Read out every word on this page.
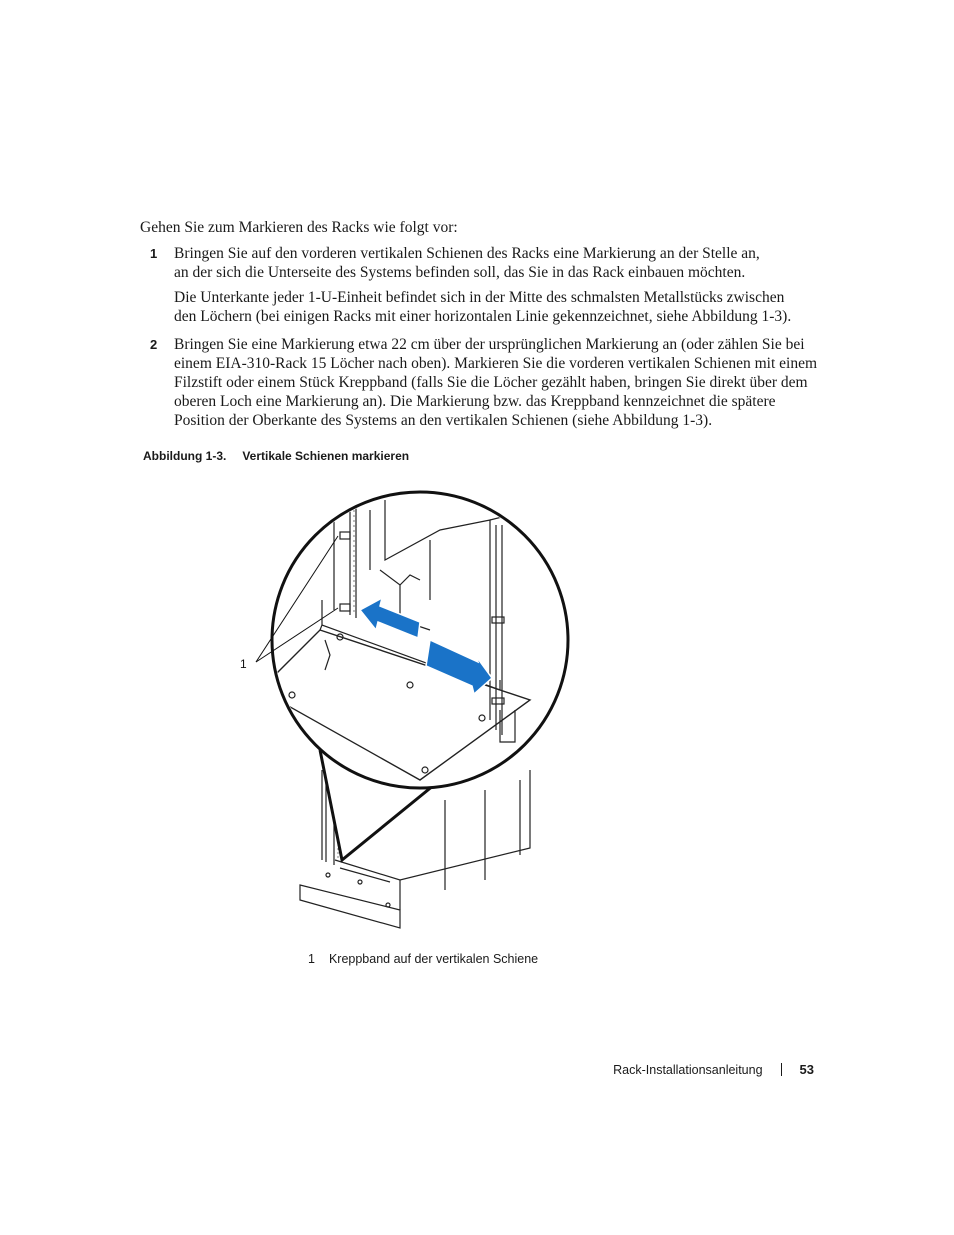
Gehen Sie zum Markieren des Racks wie folgt vor:
1 Bringen Sie auf den vorderen vertikalen Schienen des Racks eine Markierung an der Stelle an,

an der sich die Unterseite des Systems befinden soll, das Sie in das Rack einbauen möchten.

Die Unterkante jeder 1-U-Einheit befindet sich in der Mitte des schmalsten Metallstücks zwischen

den Löchern (bei einigen Racks mit einer horizontalen Linie gekennzeichnet, siehe Abbildung 1-3).

2 Bringen Sie eine Markierung etwa 22 cm über der ursprünglichen Markierung an (oder zählen Sie bei

einem EIA-310-Rack 15 Löcher nach oben). Markieren Sie die vorderen vertikalen Schienen mit einem

Filzstift oder einem Stück Kreppband (falls Sie die Löcher gezählt haben, bringen Sie direkt über dem

oberen Loch eine Markierung an). Die Markierung bzw. das Kreppband kennzeichnet die spätere

Position der Oberkante des Systems an den vertikalen Schienen (siehe Abbildung 1-3).

Abbildung 1-3. Vertikale Schienen markieren
1
1 Kreppband auf der vertikalen Schiene
Rack-Installationsanleitung	53
